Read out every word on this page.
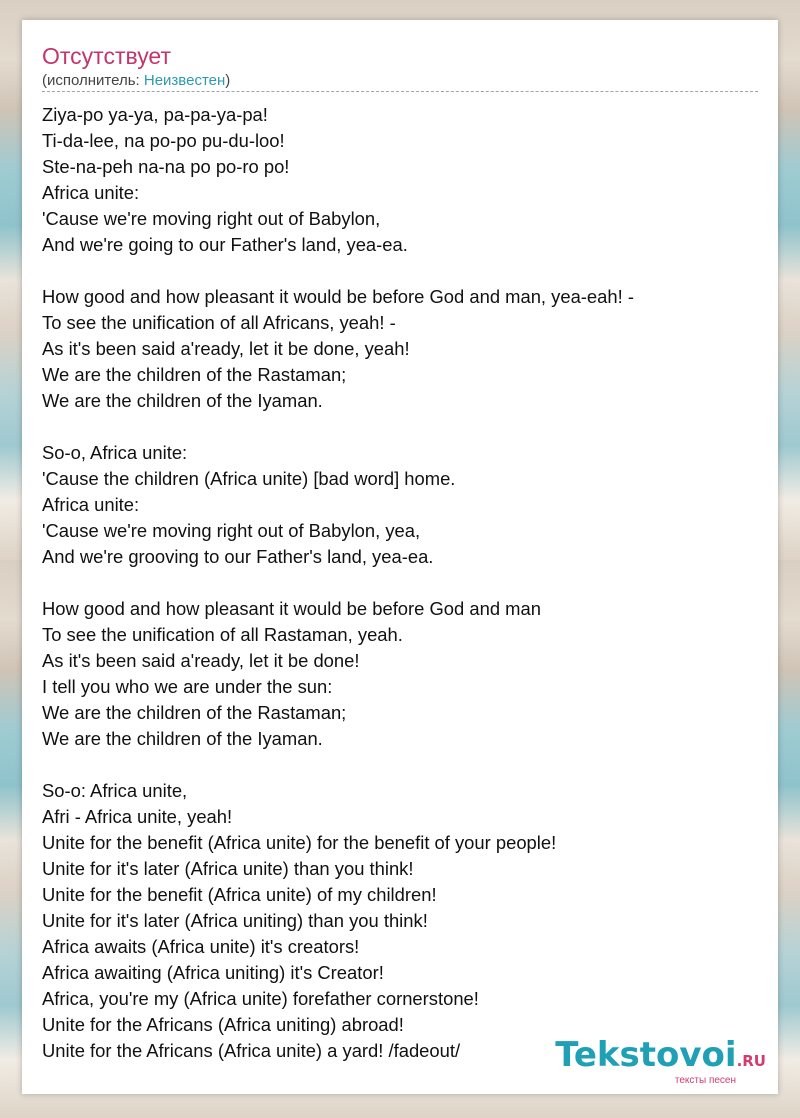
Отсутствует
(исполнитель: Неизвестен)
Ziya-po ya-ya, pa-pa-ya-pa!
Ti-da-lee, na po-po pu-du-loo!
Ste-na-peh na-na po po-ro po!
Africa unite:
'Cause we're moving right out of Babylon,
And we're going to our Father's land, yea-ea.
How good and how pleasant it would be before God and man, yea-eah! -
To see the unification of all Africans, yeah! -
As it's been said a'ready, let it be done, yeah!
We are the children of the Rastaman;
We are the children of the Iyaman.
So-o, Africa unite:
'Cause the children (Africa unite) [bad word] home.
Africa unite:
'Cause we're moving right out of Babylon, yea,
And we're grooving to our Father's land, yea-ea.
How good and how pleasant it would be before God and man
To see the unification of all Rastaman, yeah.
As it's been said a'ready, let it be done!
I tell you who we are under the sun:
We are the children of the Rastaman;
We are the children of the Iyaman.
So-o: Africa unite,
Afri - Africa unite, yeah!
Unite for the benefit (Africa unite) for the benefit of your people!
Unite for it's later (Africa unite) than you think!
Unite for the benefit (Africa unite) of my children!
Unite for it's later (Africa uniting) than you think!
Africa awaits (Africa unite) it's creators!
Africa awaiting (Africa uniting) it's Creator!
Africa, you're my (Africa unite) forefather cornerstone!
Unite for the Africans (Africa uniting) abroad!
Unite for the Africans (Africa unite) a yard! /fadeout/	Tekstovoi.RU
тексты песен
